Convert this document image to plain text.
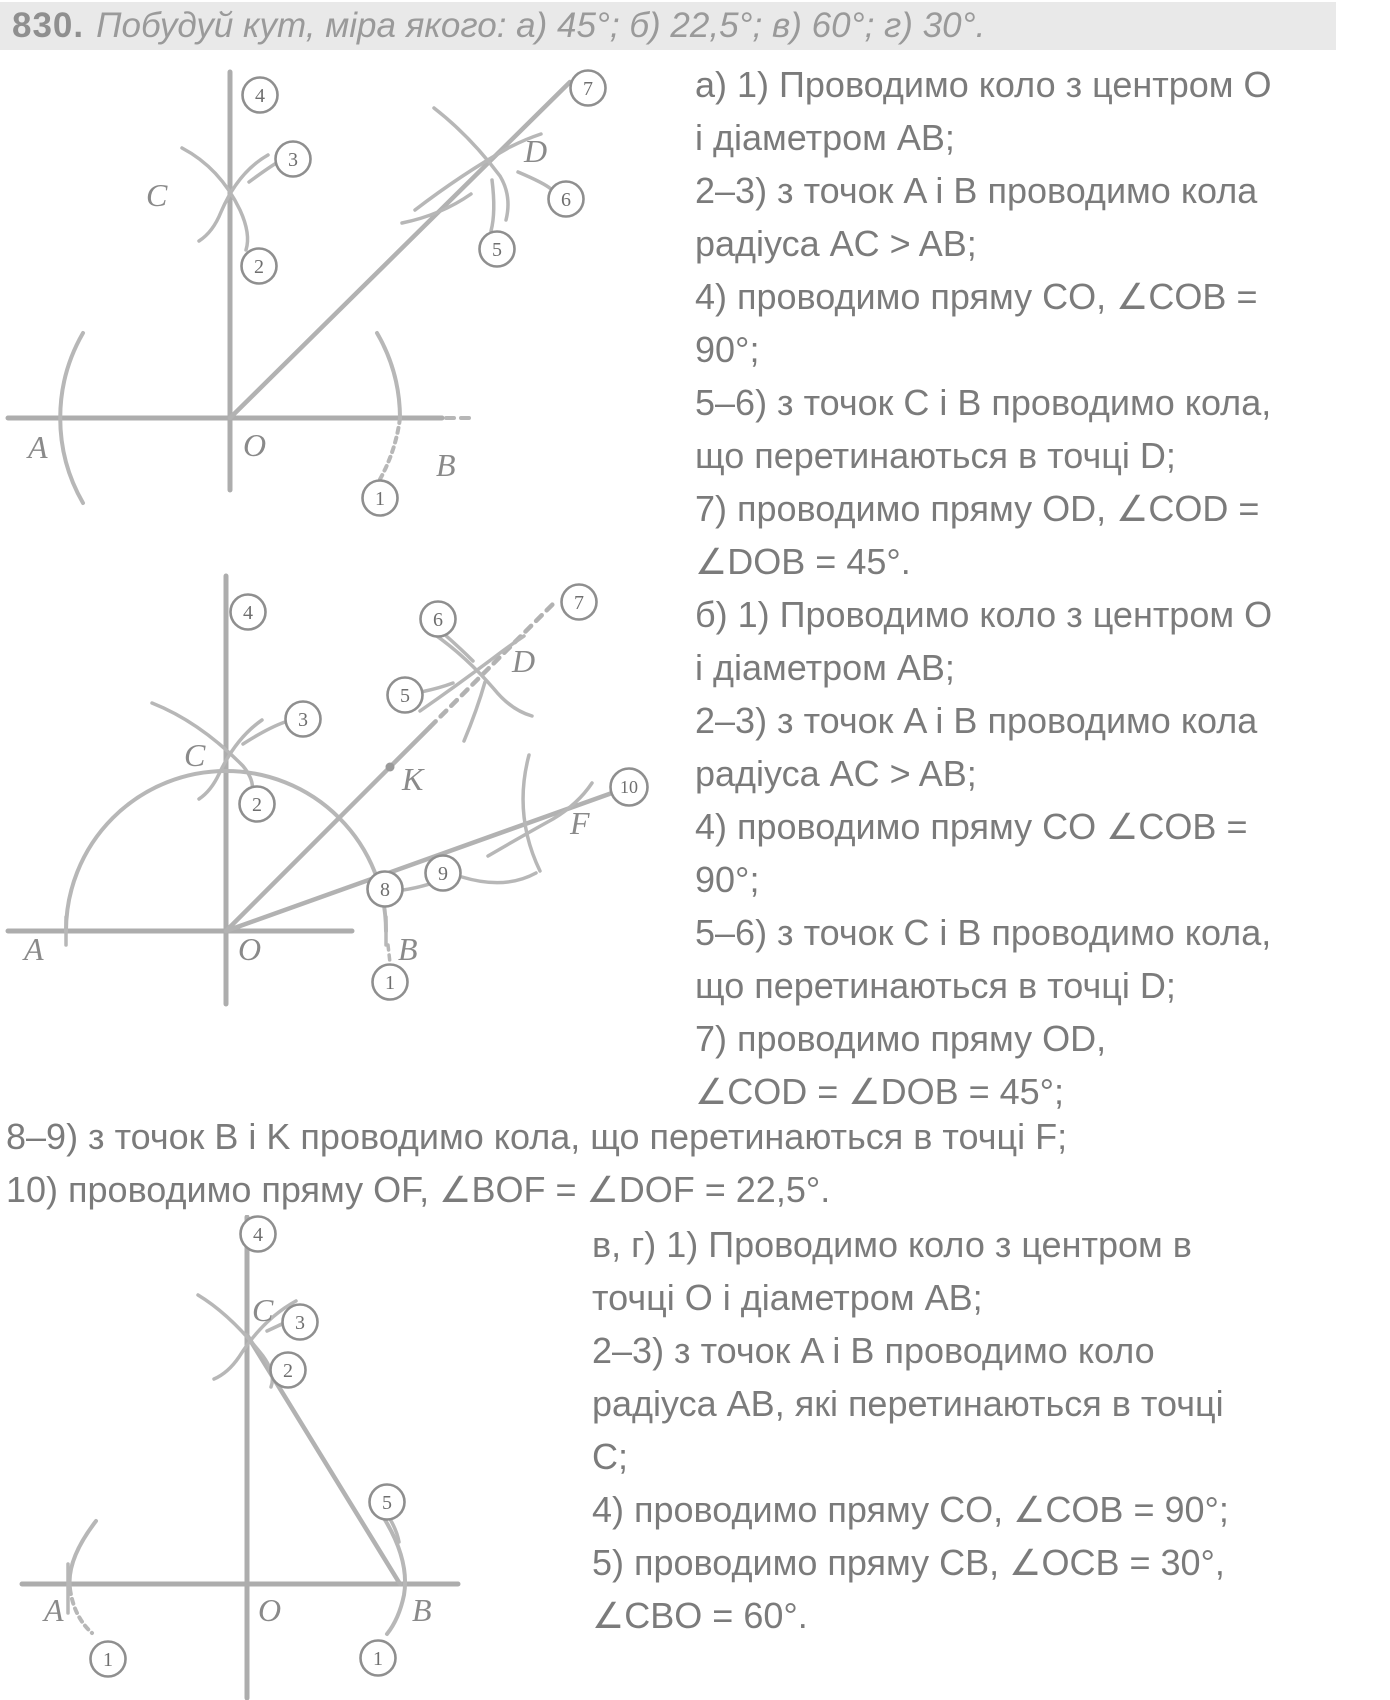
830. Побудуй кут, міра якого: а) 45°; б) 22,5°; в) 60°; г) 30°.
1
2
3
4
5
6
7
A	O
B
C
D
а) 1) Проводимо коло з центром O
і діаметром AB;
2–3) з точок A і B проводимо кола
радіуса AC > AB;
4) проводимо пряму CO, ∠COB =
90°;
5–6) з точок C і B проводимо кола,
що перетинаються в точці D;
7) проводимо пряму OD, ∠COD =
∠DOB = 45°.
б) 1) Проводимо коло з центром O
і діаметром AB;
2–3) з точок A і B проводимо кола
радіуса AC > AB;
4) проводимо пряму CO ∠COB =
90°;
5–6) з точок C і B проводимо кола,
що перетинаються в точці D;
7) проводимо пряму OD,
∠COD = ∠DOB = 45°;
1
2
3
4
5
6
7
8
9
10
A	O	B
C
D
K
F
8–9) з точок B і K проводимо кола, що перетинаються в точці F;
10) проводимо пряму OF, ∠BOF = ∠DOF = 22,5°.
4
3
2
5
1	1
A	O	B
C
в, г) 1) Проводимо коло з центром в
точці O і діаметром AB;
2–3) з точок A і B проводимо коло
радіуса AB, які перетинаються в точці
C;
4) проводимо пряму CO, ∠COB = 90°;
5) проводимо пряму CB, ∠OCB = 30°,
∠CBO = 60°.
